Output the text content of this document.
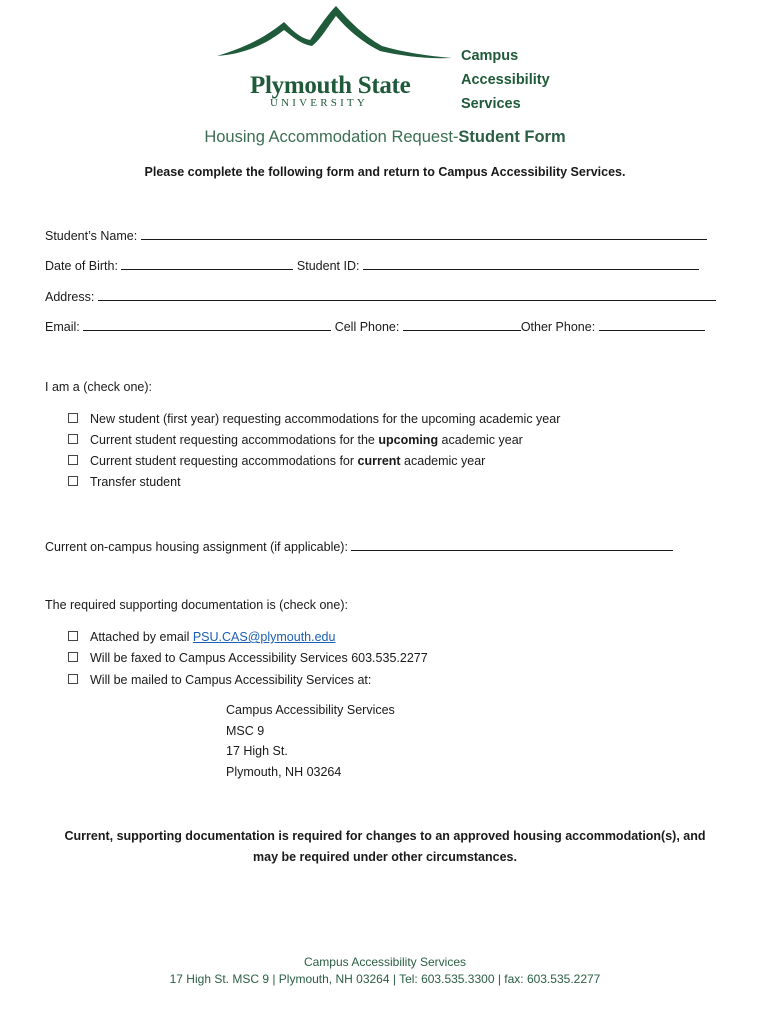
Plymouth State
UNIVERSITY
Campus
Accessibility
Services
Housing Accommodation Request-Student Form
Please complete the following form and return to Campus Accessibility Services.
Student’s Name:
Date of Birth:	Student ID:
Address:
Email:	Cell Phone:	Other Phone:
I am a (check one):
New student (first year) requesting accommodations for the upcoming academic year
Current student requesting accommodations for the upcoming academic year
Current student requesting accommodations for current academic year
Transfer student
Current on-campus housing assignment (if applicable):
The required supporting documentation is (check one):
Attached by email PSU.CAS@plymouth.edu
Will be faxed to Campus Accessibility Services 603.535.2277
Will be mailed to Campus Accessibility Services at:
Campus Accessibility Services
MSC 9
17 High St.
Plymouth, NH 03264
Current, supporting documentation is required for changes to an approved housing accommodation(s), and
may be required under other circumstances.
Campus Accessibility Services
17 High St. MSC 9 | Plymouth, NH 03264 | Tel: 603.535.3300 | fax: 603.535.2277
